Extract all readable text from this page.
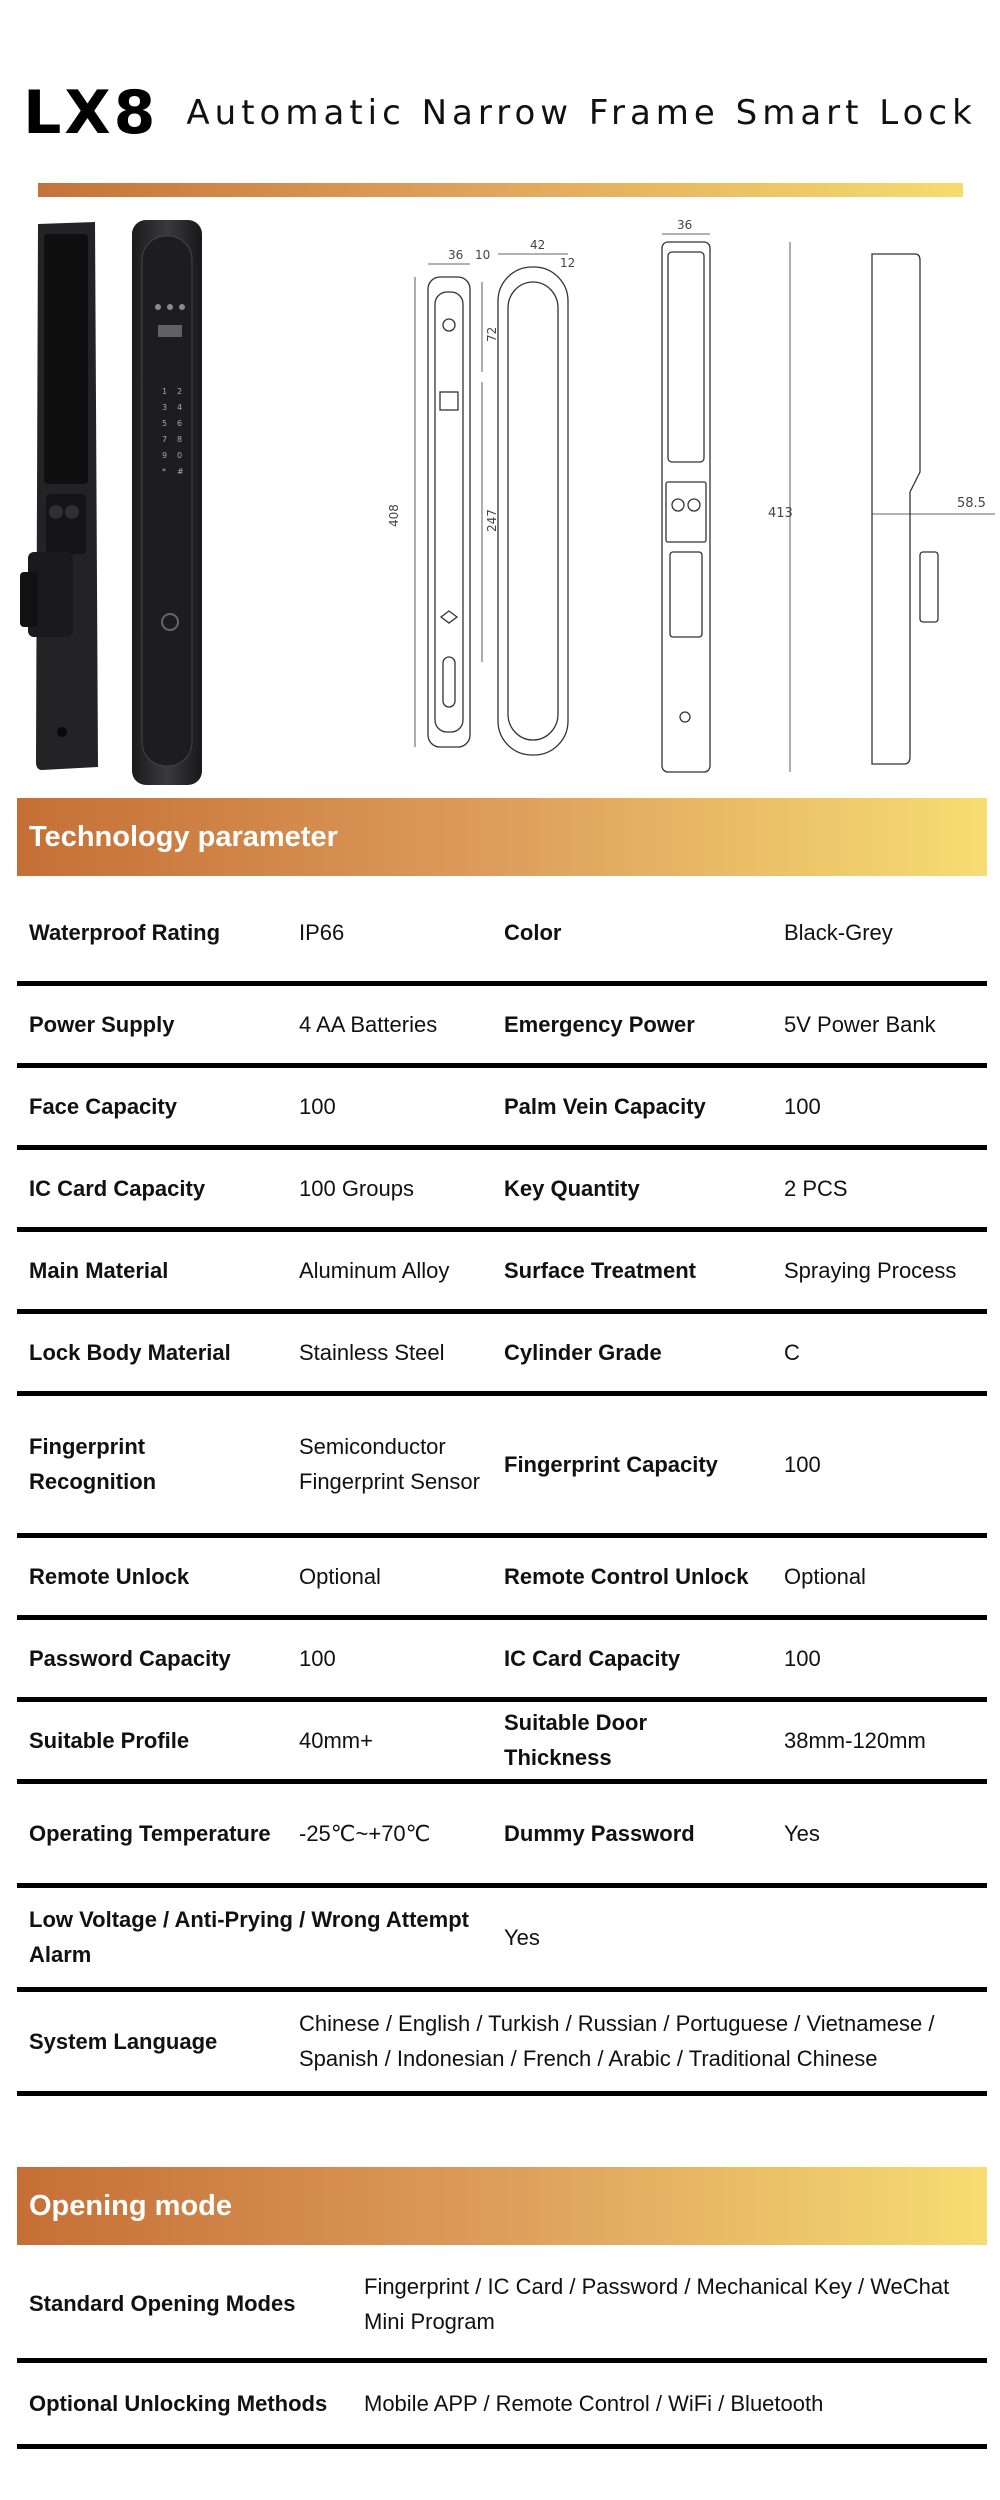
LX8 Automatic Narrow Frame Smart Lock
1 2
3 4
5 6
7 8
9 0
* #
36 10
408
42
12
72
247
36
413
58.5
Technology parameter
Waterproof Rating	IP66	Color	Black-Grey
Power Supply	4 AA Batteries	Emergency Power	5V Power Bank
Face Capacity	100	Palm Vein Capacity	100
IC Card Capacity	100 Groups	Key Quantity	2 PCS
Main Material	Aluminum Alloy	Surface Treatment	Spraying Process
Lock Body Material	Stainless Steel	Cylinder Grade	C
Fingerprint Recognition	Semiconductor Fingerprint Sensor	Fingerprint Capacity	100
Remote Unlock	Optional	Remote Control Unlock	Optional
Password Capacity	100	IC Card Capacity	100
Suitable Profile	40mm+	Suitable Door Thickness	38mm-120mm
Operating Temperature	-25℃~+70℃	Dummy Password	Yes
Low Voltage / Anti-Prying / Wrong Attempt Alarm		Yes	
System Language	Chinese / English / Turkish / Russian / Portuguese / Vietnamese / Spanish / Indonesian / French / Arabic / Traditional Chinese		
Opening mode
Standard Opening Modes	Fingerprint / IC Card / Password / Mechanical Key / WeChat Mini Program
Optional Unlocking Methods	Mobile APP / Remote Control / WiFi / Bluetooth
